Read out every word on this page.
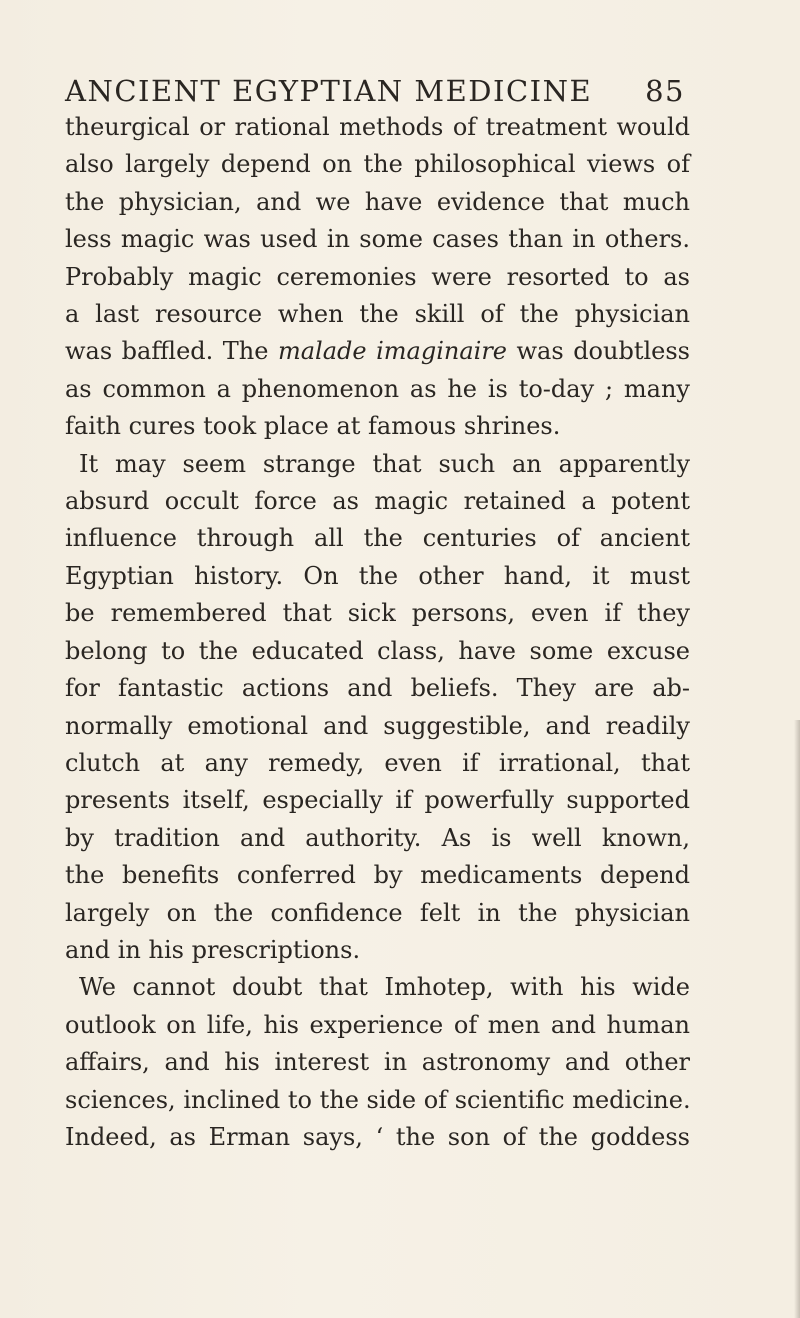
ANCIENT EGYPTIAN MEDICINE 85
theurgical or rational methods of treatment would
also largely depend on the philosophical views of
the physician, and we have evidence that much
less magic was used in some cases than in others.
Probably magic ceremonies were resorted to as
a last resource when the skill of the physician
was baffled. The malade imaginaire was doubtless
as common a phenomenon as he is to-day ; many
faith cures took place at famous shrines.
It may seem strange that such an apparently
absurd occult force as magic retained a potent
influence through all the centuries of ancient
Egyptian history. On the other hand, it must
be remembered that sick persons, even if they
belong to the educated class, have some excuse
for fantastic actions and beliefs. They are ab-
normally emotional and suggestible, and readily
clutch at any remedy, even if irrational, that
presents itself, especially if powerfully supported
by tradition and authority. As is well known,
the benefits conferred by medicaments depend
largely on the confidence felt in the physician
and in his prescriptions.
We cannot doubt that Imhotep, with his wide
outlook on life, his experience of men and human
affairs, and his interest in astronomy and other
sciences, inclined to the side of scientific medicine.
Indeed, as Erman says, ‘ the son of the goddess
